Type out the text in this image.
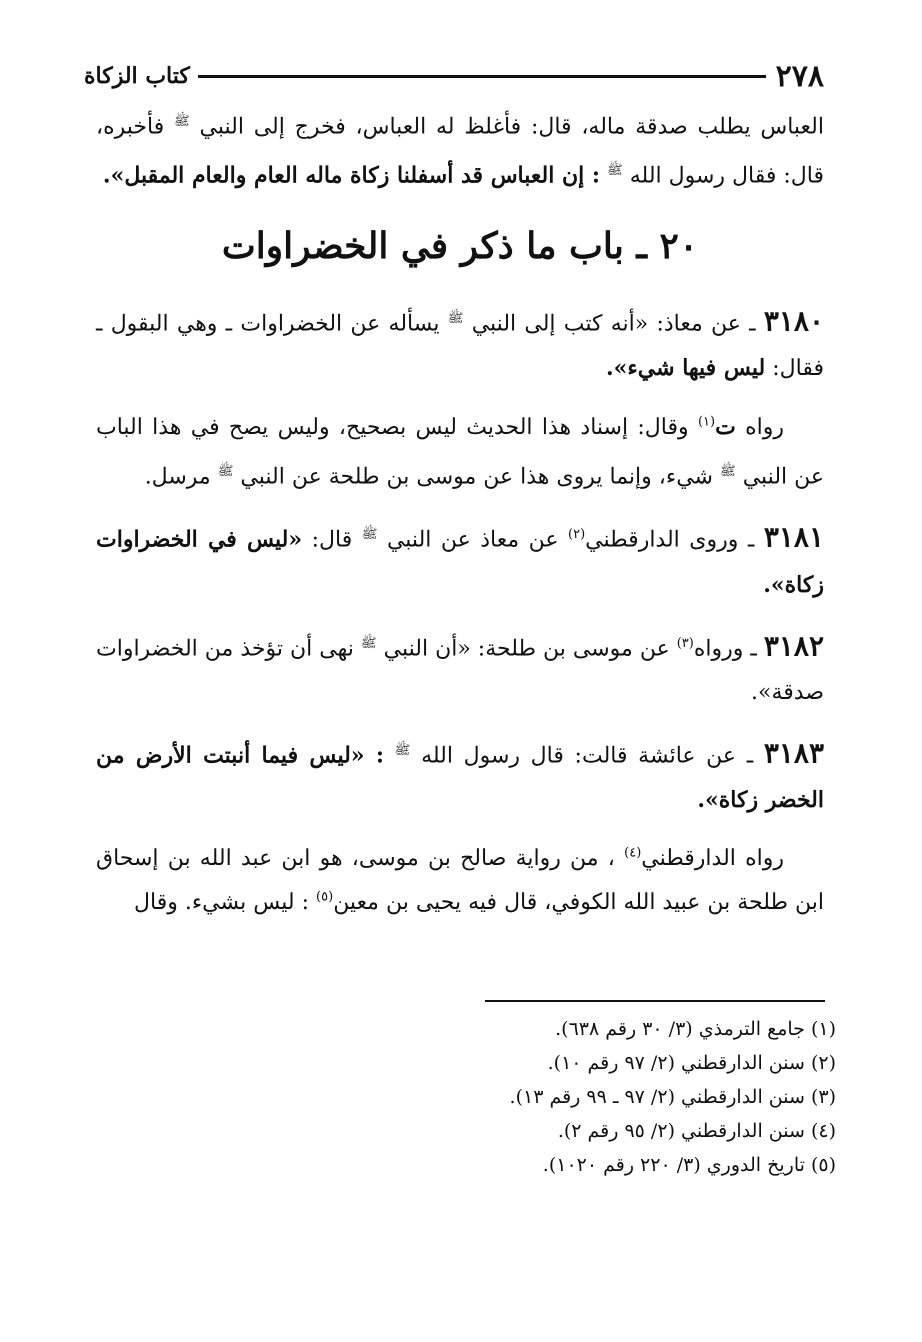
٢٧٨
كتاب الزكاة

العباس يطلب صدقة ماله، قال: فأغلظ له العباس، فخرج إلى النبي $^ﷺ$ فأخبره، قال: فقال رسول الله $^ﷺ$ : إن العباس قد أسفلنا زكاة ماله العام والعام المقبل».

٢٠ ـ باب ما ذكر في الخضراوات

٣١٨٠ ـ عن معاذ: «أنه كتب إلى النبي $^ﷺ$ يسأله عن الخضراوات ـ وهي البقول ـ فقال: ليس فيها شيء».

رواه ت$^{(١)}$ وقال: إسناد هذا الحديث ليس بصحيح، وليس يصح في هذا الباب عن النبي $^ﷺ$ شيء، وإنما يروى هذا عن موسى بن طلحة عن النبي $^ﷺ$ مرسل.

٣١٨١ ـ وروى الدارقطني$^{(٢)}$ عن معاذ عن النبي $^ﷺ$ قال: «ليس في الخضراوات زكاة».

٣١٨٢ ـ ورواه$^{(٣)}$ عن موسى بن طلحة: «أن النبي $^ﷺ$ نهى أن تؤخذ من الخضراوات صدقة».

٣١٨٣ ـ عن عائشة قالت: قال رسول الله $^ﷺ$ : «ليس فيما أنبتت الأرض من الخضر زكاة».

رواه الدارقطني$^{(٤)}$ ، من رواية صالح بن موسى، هو ابن عبد الله بن إسحاق ابن طلحة بن عبيد الله الكوفي، قال فيه يحيى بن معين$^{(٥)}$ : ليس بشيء. وقال

(١) جامع الترمذي (٣/ ٣٠ رقم ٦٣٨).
(٢) سنن الدارقطني (٢/ ٩٧ رقم ١٠).
(٣) سنن الدارقطني (٢/ ٩٧ ـ ٩٩ رقم ١٣).
(٤) سنن الدارقطني (٢/ ٩٥ رقم ٢).
(٥) تاريخ الدوري (٣/ ٢٢٠ رقم ١٠٢٠).
